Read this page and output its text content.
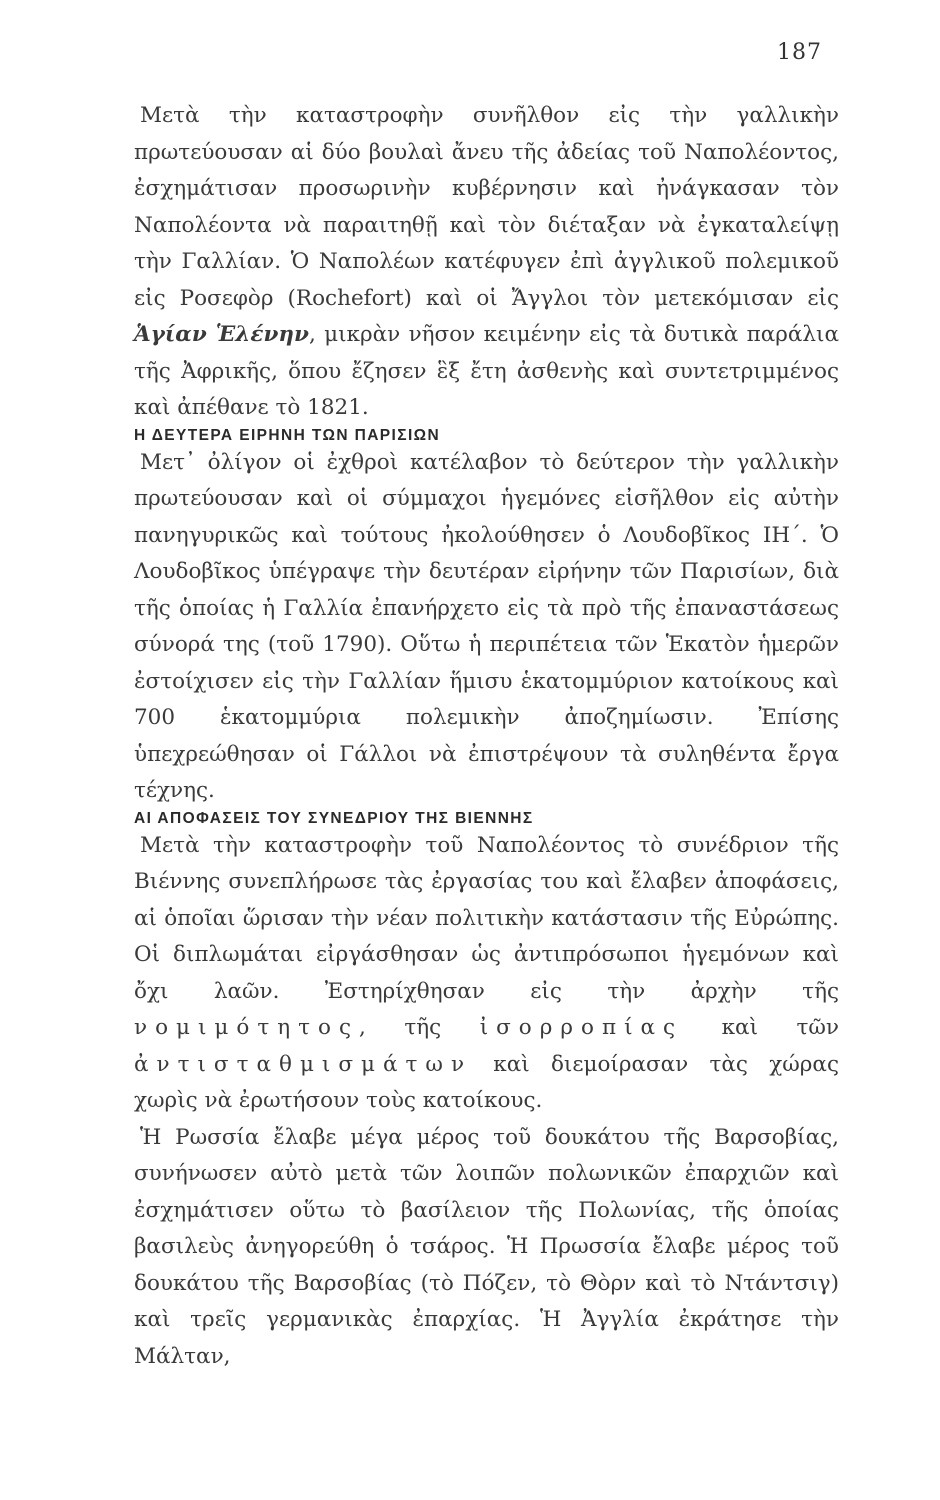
187

Μετὰ τὴν καταστροφὴν συνῆλθον εἰς τὴν γαλλικὴν πρωτεύουσαν αἱ δύο βουλαὶ ἄνευ τῆς ἀδείας τοῦ Ναπολέοντος, ἐσχημάτισαν προσωρινὴν κυβέρνησιν καὶ ἠνάγκασαν τὸν Ναπολέοντα νὰ παραιτηθῇ καὶ τὸν διέταξαν νὰ ἐγκαταλείψῃ τὴν Γαλλίαν. Ὁ Ναπολέων κατέφυγεν ἐπὶ ἀγγλικοῦ πολεμικοῦ εἰς Ροσεφὸρ (Rochefort) καὶ οἱ Ἄγγλοι τὸν μετεκόμισαν εἰς Ἁγίαν Ἑλένην, μικρὰν νῆσον κειμένην εἰς τὰ δυτικὰ παράλια τῆς Ἀφρικῆς, ὅπου ἔζησεν ἓξ ἔτη ἀσθενὴς καὶ συντετριμμένος καὶ ἀπέθανε τὸ 1821.

Η ΔΕΥΤΕΡΑ ΕΙΡΗΝΗ ΤΩΝ ΠΑΡΙΣΙΩΝ

Μετ᾽ ὀλίγον οἱ ἐχθροὶ κατέλαβον τὸ δεύτερον τὴν γαλλικὴν πρωτεύουσαν καὶ οἱ σύμμαχοι ἡγεμόνες εἰσῆλθον εἰς αὐτὴν πανηγυρικῶς καὶ τούτους ἠκολούθησεν ὁ Λουδοβῖκος ΙΗ΄. Ὁ Λουδοβῖκος ὑπέγραψε τὴν δευτέραν εἰρήνην τῶν Παρισίων, διὰ τῆς ὁποίας ἡ Γαλλία ἐπανήρχετο εἰς τὰ πρὸ τῆς ἐπαναστάσεως σύνορά της (τοῦ 1790). Οὕτω ἡ περιπέτεια τῶν Ἑκατὸν ἡμερῶν ἐστοίχισεν εἰς τὴν Γαλλίαν ἥμισυ ἑκατομμύριον κατοίκους καὶ 700 ἑκατομμύρια πολεμικὴν ἀποζημίωσιν. Ἐπίσης ὑπεχρεώθησαν οἱ Γάλλοι νὰ ἐπιστρέψουν τὰ συληθέντα ἔργα τέχνης.

ΑΙ ΑΠΟΦΑΣΕΙΣ ΤΟΥ ΣΥΝΕΔΡΙΟΥ ΤΗΣ ΒΙΕΝΝΗΣ

Μετὰ τὴν καταστροφὴν τοῦ Ναπολέοντος τὸ συνέδριον τῆς Βιέννης συνεπλήρωσε τὰς ἐργασίας του καὶ ἔλαβεν ἀποφάσεις, αἱ ὁποῖαι ὥρισαν τὴν νέαν πολιτικὴν κατάστασιν τῆς Εὐρώπης. Οἱ διπλωμάται εἰργάσθησαν ὡς ἀντιπρόσωποι ἡγεμόνων καὶ ὄχι λαῶν. Ἐστηρίχθησαν εἰς τὴν ἀρχὴν τῆς νομιμότητος, τῆς ἰσορροπίας καὶ τῶν ἀντισταθμισμάτων καὶ διεμοίρασαν τὰς χώρας χωρὶς νὰ ἐρωτήσουν τοὺς κατοίκους.

Ἡ Ρωσσία ἔλαβε μέγα μέρος τοῦ δουκάτου τῆς Βαρσοβίας, συνήνωσεν αὐτὸ μετὰ τῶν λοιπῶν πολωνικῶν ἐπαρχιῶν καὶ ἐσχημάτισεν οὕτω τὸ βασίλειον τῆς Πολωνίας, τῆς ὁποίας βασιλεὺς ἀνηγορεύθη ὁ τσάρος. Ἡ Πρωσσία ἔλαβε μέρος τοῦ δουκάτου τῆς Βαρσοβίας (τὸ Πόζεν, τὸ Θὸρν καὶ τὸ Ντάντσιγ) καὶ τρεῖς γερμανικὰς ἐπαρχίας. Ἡ Ἀγγλία ἐκράτησε τὴν Μάλταν,
